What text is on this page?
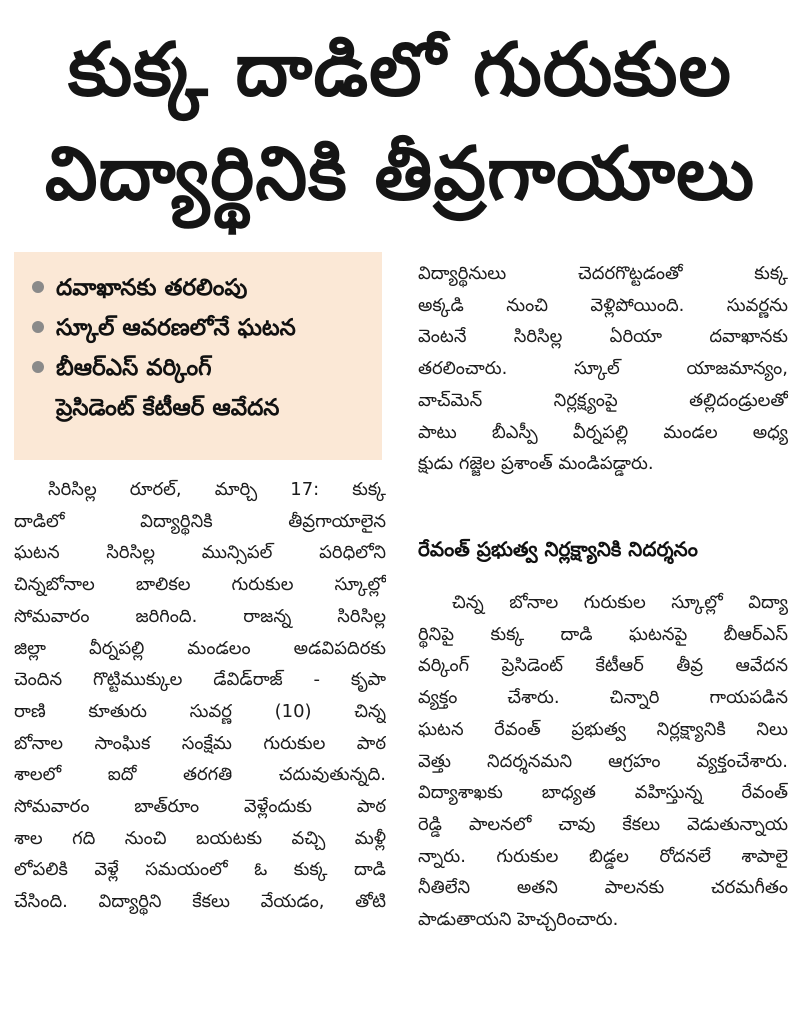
కుక్క దాడిలో గురుకుల
విద్యార్థినికి తీవ్రగాయాలు
దవాఖానకు తరలింపు
స్కూల్ ఆవరణలోనే ఘటన
బీఆర్ఎస్ వర్కింగ్
ప్రెసిడెంట్ కేటీఆర్ ఆవేదన
సిరిసిల్ల రూరల్, మార్చి 17: కుక్క
దాడిలో విద్యార్థినికి తీవ్రగాయాలైన
ఘటన సిరిసిల్ల మున్సిపల్ పరిధిలోని
చిన్నబోనాల బాలికల గురుకుల స్కూల్లో
సోమవారం జరిగింది. రాజన్న సిరిసిల్ల
జిల్లా వీర్నపల్లి మండలం అడవిపదిరకు
చెందిన గొట్టిముక్కుల డేవిడ్‌రాజ్ - కృపా
రాణి కూతురు సువర్ణ (10) చిన్న
బోనాల సాంఘిక సంక్షేమ గురుకుల పాఠ
శాలలో ఐదో తరగతి చదువుతున్నది.
సోమవారం బాత్‌రూం వెళ్లేందుకు పాఠ
శాల గది నుంచి బయటకు వచ్చి మళ్లీ
లోపలికి వెళ్లే సమయంలో ఓ కుక్క దాడి
చేసింది. విద్యార్థిని కేకలు వేయడం, తోటి
విద్యార్థినులు చెదరగొట్టడంతో కుక్క
అక్కడి నుంచి వెళ్లిపోయింది. సువర్ణను
వెంటనే సిరిసిల్ల ఏరియా దవాఖానకు
తరలించారు. స్కూల్ యాజమాన్యం,
వాచ్‌మెన్ నిర్లక్ష్యంపై తల్లిదండ్రులతో
పాటు బీఎస్పీ వీర్నపల్లి మండల అధ్య
క్షుడు గజ్జెల ప్రశాంత్ మండిపడ్డారు.
రేవంత్ ప్రభుత్వ నిర్లక్ష్యానికి నిదర్శనం
చిన్న బోనాల గురుకుల స్కూల్లో విద్యా
ర్థినిపై కుక్క దాడి ఘటనపై బీఆర్ఎస్
వర్కింగ్ ప్రెసిడెంట్ కేటీఆర్ తీవ్ర ఆవేదన
వ్యక్తం చేశారు. చిన్నారి గాయపడిన
ఘటన రేవంత్ ప్రభుత్వ నిర్లక్ష్యానికి నిలు
వెత్తు నిదర్శనమని ఆగ్రహం వ్యక్తంచేశారు.
విద్యాశాఖకు బాధ్యత వహిస్తున్న రేవంత్
రెడ్డి పాలనలో చావు కేకలు వెడుతున్నాయ
న్నారు. గురుకుల బిడ్డల రోదనలే శాపాలై
నీతిలేని అతని పాలనకు చరమగీతం
పాడుతాయని హెచ్చరించారు.
